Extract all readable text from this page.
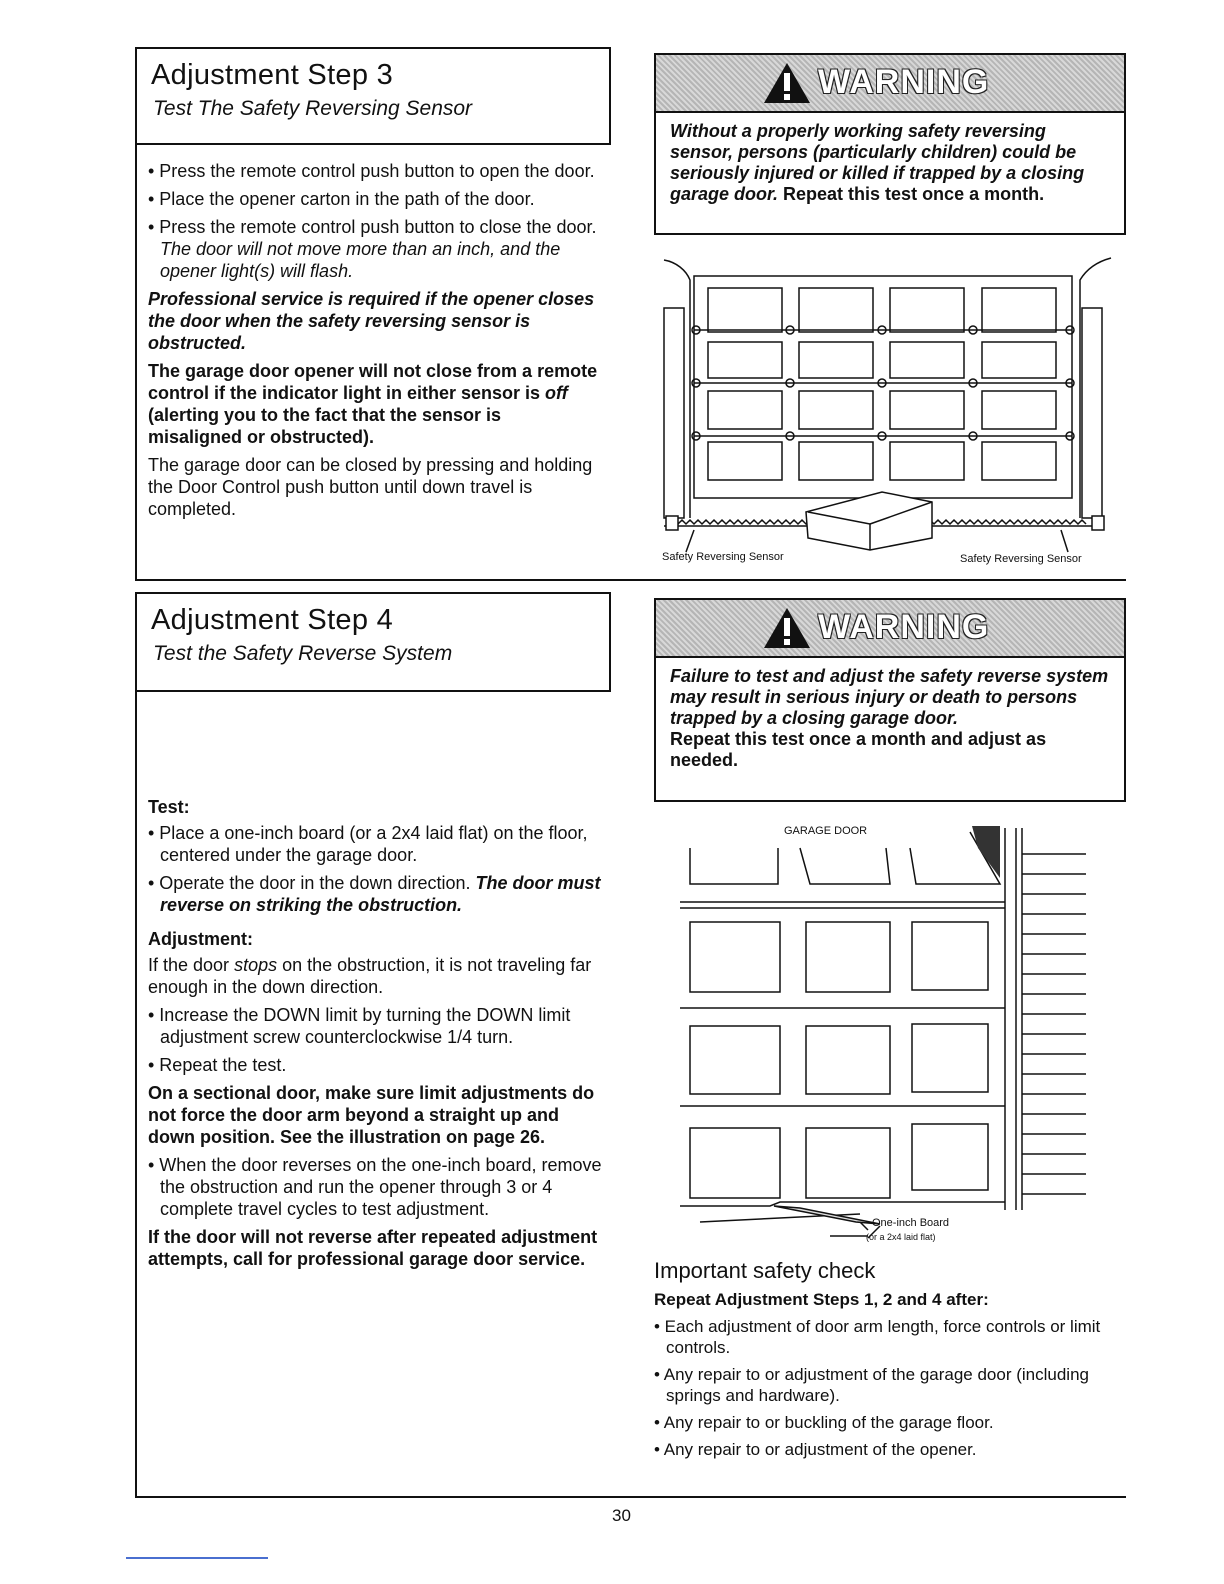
Adjustment Step 3
Test The Safety Reversing Sensor

• Press the remote control push button to open the door.

• Place the opener carton in the path of the door.

• Press the remote control push button to close the door. The door will not move more than an inch, and the opener light(s) will flash.

Professional service is required if the opener closes the door when the safety reversing sensor is obstructed.

The garage door opener will not close from a remote control if the indicator light in either sensor is off (alerting you to the fact that the sensor is misaligned or obstructed).

The garage door can be closed by pressing and holding the Door Control push button until down travel is completed.

WARNING
Without a properly working safety reversing sensor, persons (particularly children) could be seriously injured or killed if trapped by a closing garage door. Repeat this test once a month.
Safety Reversing Sensor	Safety Reversing Sensor
Adjustment Step 4
Test the Safety Reverse System

Test:

• Place a one-inch board (or a 2x4 laid flat) on the floor, centered under the garage door.

• Operate the door in the down direction. The door must reverse on striking the obstruction.

Adjustment:

If the door stops on the obstruction, it is not traveling far enough in the down direction.

• Increase the DOWN limit by turning the DOWN limit adjustment screw counterclockwise 1/4 turn.

• Repeat the test.

On a sectional door, make sure limit adjustments do not force the door arm beyond a straight up and down position. See the illustration on page 26.

• When the door reverses on the one-inch board, remove the obstruction and run the opener through 3 or 4 complete travel cycles to test adjustment.

If the door will not reverse after repeated adjustment attempts, call for professional garage door service.

WARNING
Failure to test and adjust the safety reverse system may result in serious injury or death to persons trapped by a closing garage door.
Repeat this test once a month and adjust as needed.
GARAGE DOOR
One-inch Board
(or a 2x4 laid flat)
Important safety check
Repeat Adjustment Steps 1, 2 and 4 after:

• Each adjustment of door arm length, force controls or limit controls.

• Any repair to or adjustment of the garage door (including springs and hardware).

• Any repair to or buckling of the garage floor.

• Any repair to or adjustment of the opener.

30
